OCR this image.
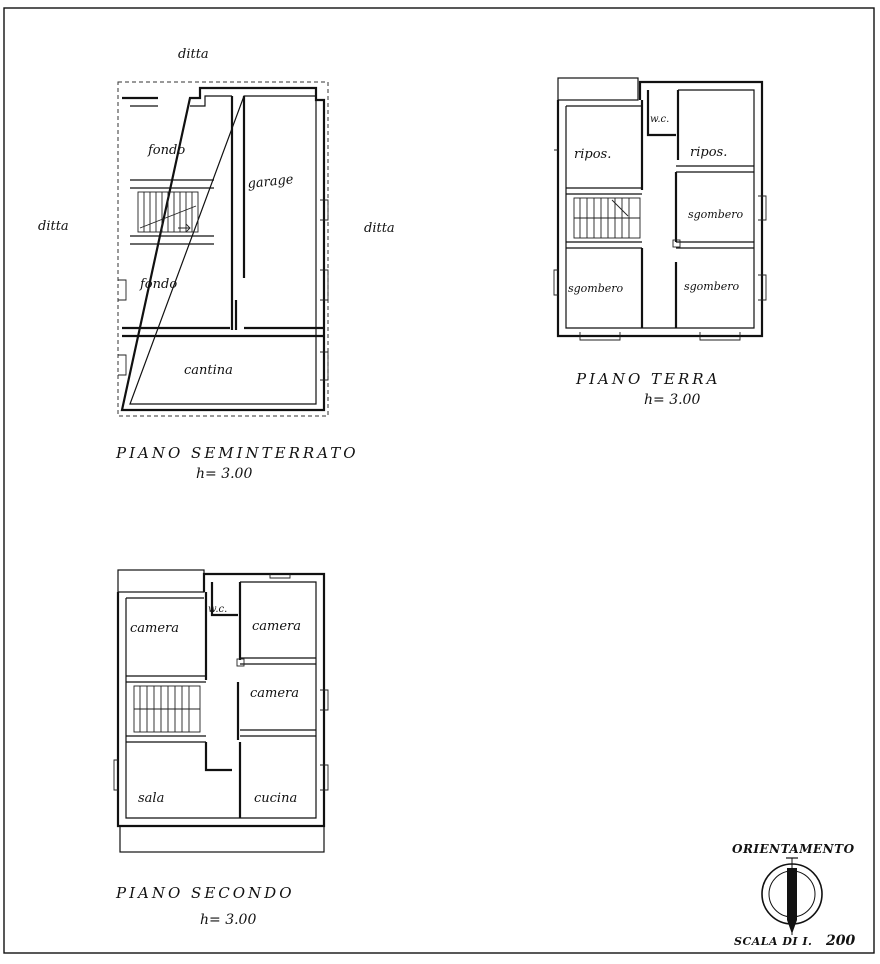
ditta
ditta	ditta
fondo
garage
fondo
cantina
PIANO SEMINTERRATO
h= 3.00
w.c.
ripos.	ripos.
sgombero
sgombero	sgombero
PIANO TERRA
h= 3.00
camera
w.c.
camera
camera
sala	cucina
PIANO SECONDO
h= 3.00
ORIENTAMENTO
SCALA DI I. 200
